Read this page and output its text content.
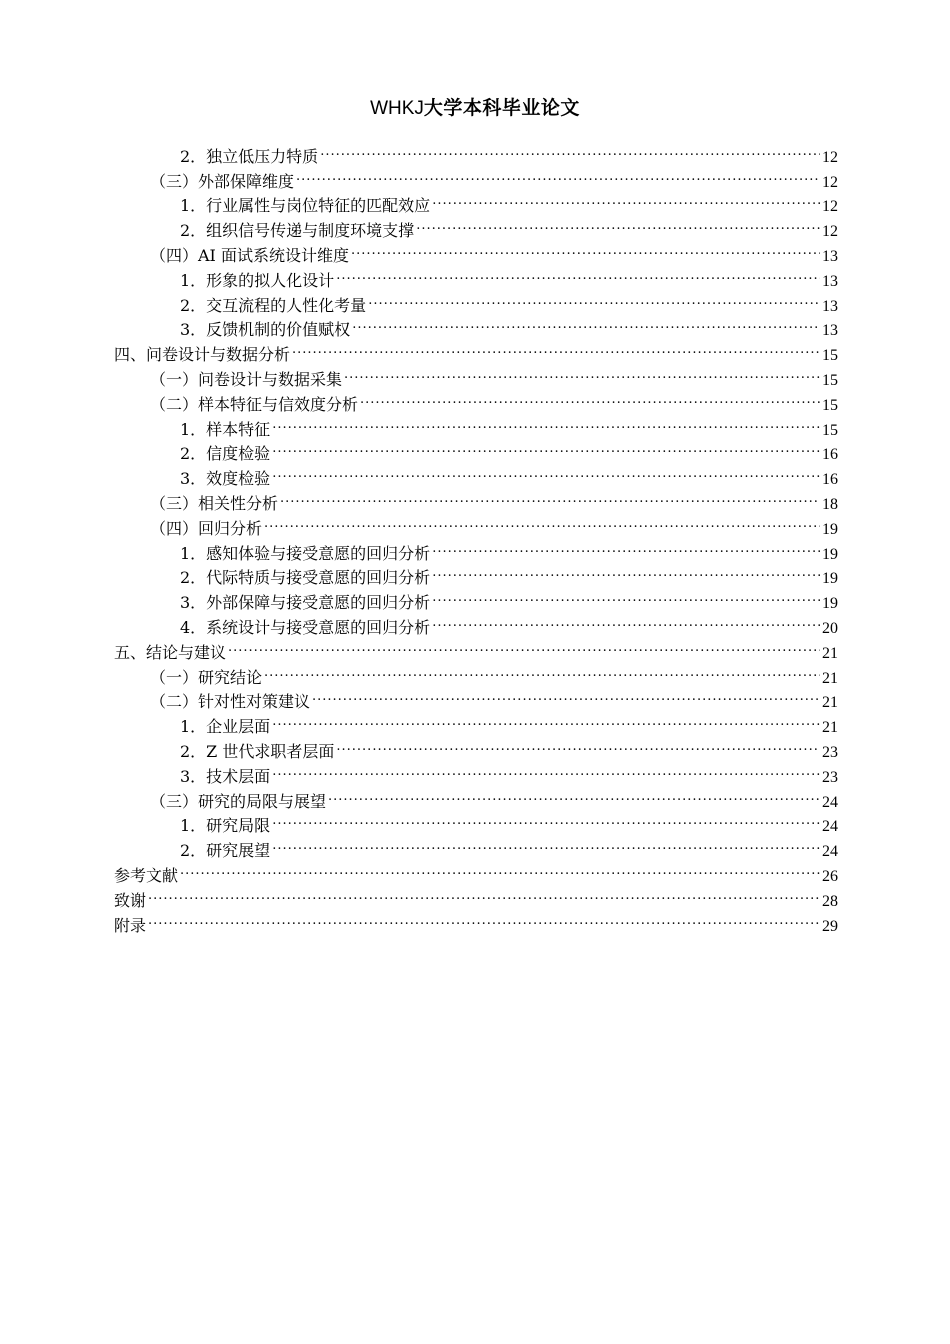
WHKJ大学本科毕业论文
2．独立低压力特质 .....	12
（三）外部保障维度 .....	12
1．行业属性与岗位特征的匹配效应 .....	12
2．组织信号传递与制度环境支撑 .....	12
（四）AI 面试系统设计维度 .....	13
1．形象的拟人化设计 .....	13
2．交互流程的人性化考量 .....	13
3．反馈机制的价值赋权 .....	13
四、问卷设计与数据分析 .....	15
（一）问卷设计与数据采集 .....	15
（二）样本特征与信效度分析 .....	15
1．样本特征 .....	15
2．信度检验 .....	16
3．效度检验 .....	16
（三）相关性分析 .....	18
（四）回归分析 .....	19
1．感知体验与接受意愿的回归分析 .....	19
2．代际特质与接受意愿的回归分析 .....	19
3．外部保障与接受意愿的回归分析 .....	19
4．系统设计与接受意愿的回归分析 .....	20
五、结论与建议 .....	21
（一）研究结论 .....	21
（二）针对性对策建议 .....	21
1．企业层面 .....	21
2．Z 世代求职者层面 .....	23
3．技术层面 .....	23
（三）研究的局限与展望 .....	24
1．研究局限 .....	24
2．研究展望 .....	24
参考文献 .....	26
致谢 .....	28
附录 .....	29
